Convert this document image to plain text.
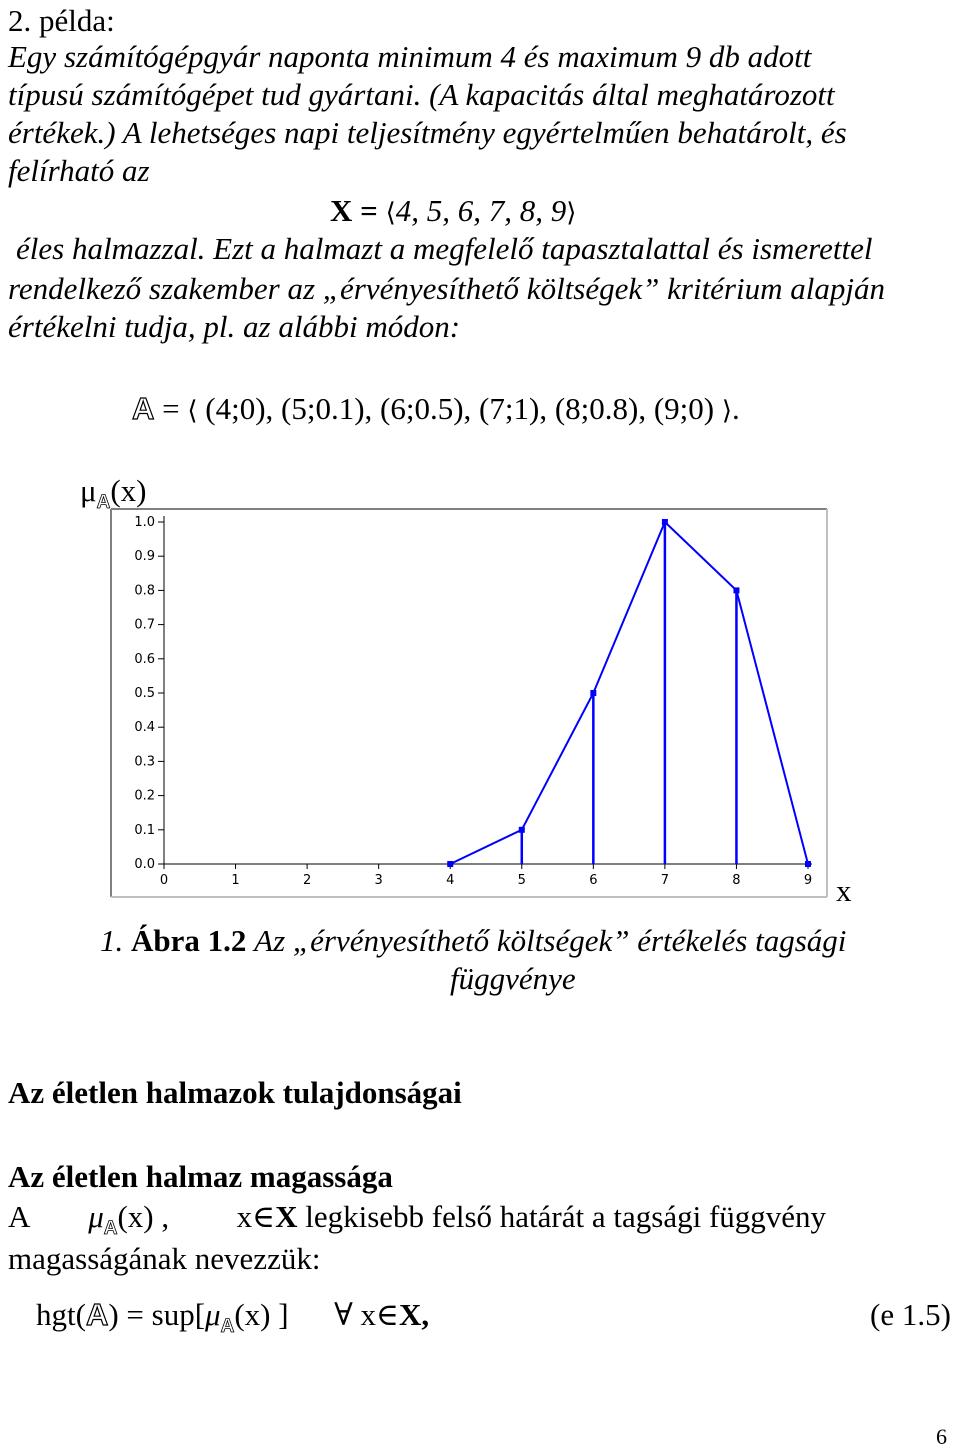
2. példa:
Egy számítógépgyár naponta minimum 4 és maximum 9 db adott
típusú számítógépet tud gyártani. (A kapacitás által meghatározott
értékek.) A lehetséges napi teljesítmény egyértelműen behatárolt, és
felírható az
X = ⟨4, 5, 6, 7, 8, 9⟩
éles halmazzal. Ezt a halmazt a megfelelő tapasztalattal és ismerettel
rendelkező szakember az „érvényesíthető költségek” kritérium alapján
értékelni tudja, pl. az alábbi módon:
A = ⟨ (4;0), (5;0.1), (6;0.5), (7;1), (8;0.8), (9;0) ⟩.
$\mu_A(x)$
0.0
0.1
0.2
0.3
0.4
0.5
0.6
0.7
0.8
0.9
1.0
0	1	2	3	4	5	6	7	8	9 x
1. Ábra 1.2 Az „érvényesíthető költségek” értékelés tagsági
függvénye
Az életlen halmazok tulajdonságai
Az életlen halmaz magassága
A $\mu_A(x)$ , x∈X legkisebb felső határát a tagsági függvény
magasságának nevezzük:
$hgt(A) = sup[\mu_A(x)$ ] ∀ x∈X,	(e 1.5)
6
